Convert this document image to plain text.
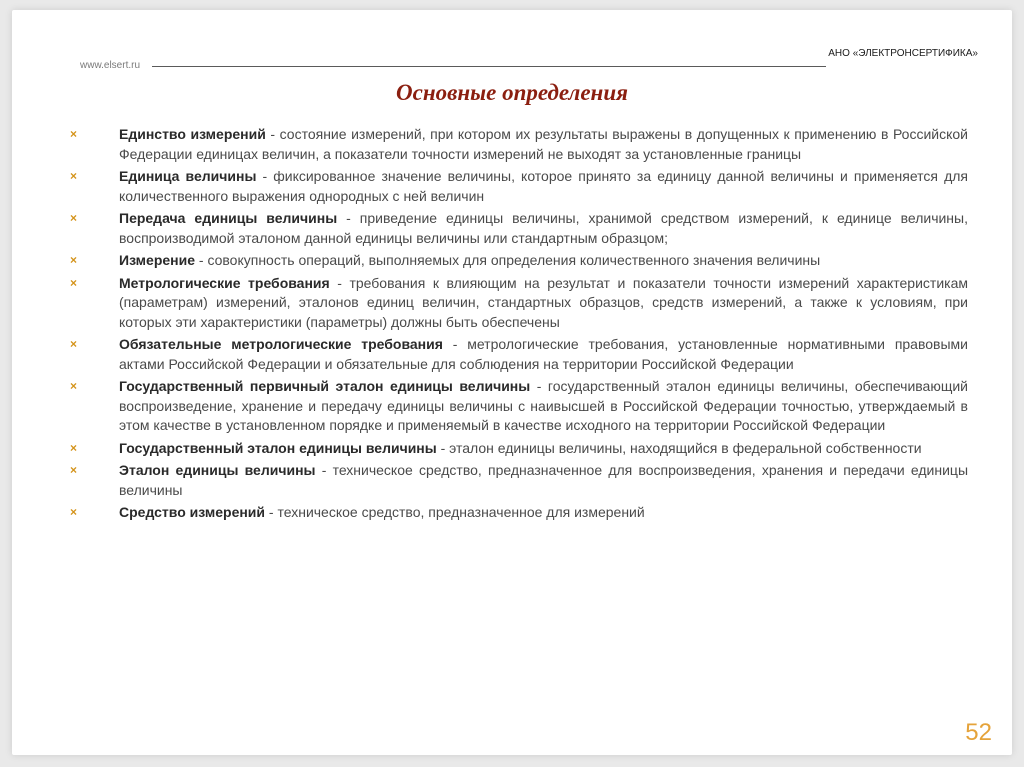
www.elsert.ru
АНО «ЭЛЕКТРОНСЕРТИФИКА»
Основные определения
×	Единство измерений - состояние измерений, при котором их результаты выражены в допущенных к применению в Российской Федерации единицах величин, а показатели точности измерений не выходят за установленные границы
×	Единица величины - фиксированное значение величины, которое принято за единицу данной величины и применяется для количественного выражения однородных с ней величин
×	Передача единицы величины - приведение единицы величины, хранимой средством измерений, к единице величины, воспроизводимой эталоном данной единицы величины или стандартным образцом;
×	Измерение - совокупность операций, выполняемых для определения количественного значения величины
×	Метрологические требования - требования к влияющим на результат и показатели точности измерений характеристикам (параметрам) измерений, эталонов единиц величин, стандартных образцов, средств измерений, а также к условиям, при которых эти характеристики (параметры) должны быть обеспечены
×	Обязательные метрологические требования - метрологические требования, установленные нормативными правовыми актами Российской Федерации и обязательные для соблюдения на территории Российской Федерации
×	Государственный первичный эталон единицы величины - государственный эталон единицы величины, обеспечивающий воспроизведение, хранение и передачу единицы величины с наивысшей в Российской Федерации точностью, утверждаемый в этом качестве в установленном порядке и применяемый в качестве исходного на территории Российской Федерации
×	Государственный эталон единицы величины - эталон единицы величины, находящийся в федеральной собственности
×	Эталон единицы величины - техническое средство, предназначенное для воспроизведения, хранения и передачи единицы величины
×	Средство измерений - техническое средство, предназначенное для измерений
52
